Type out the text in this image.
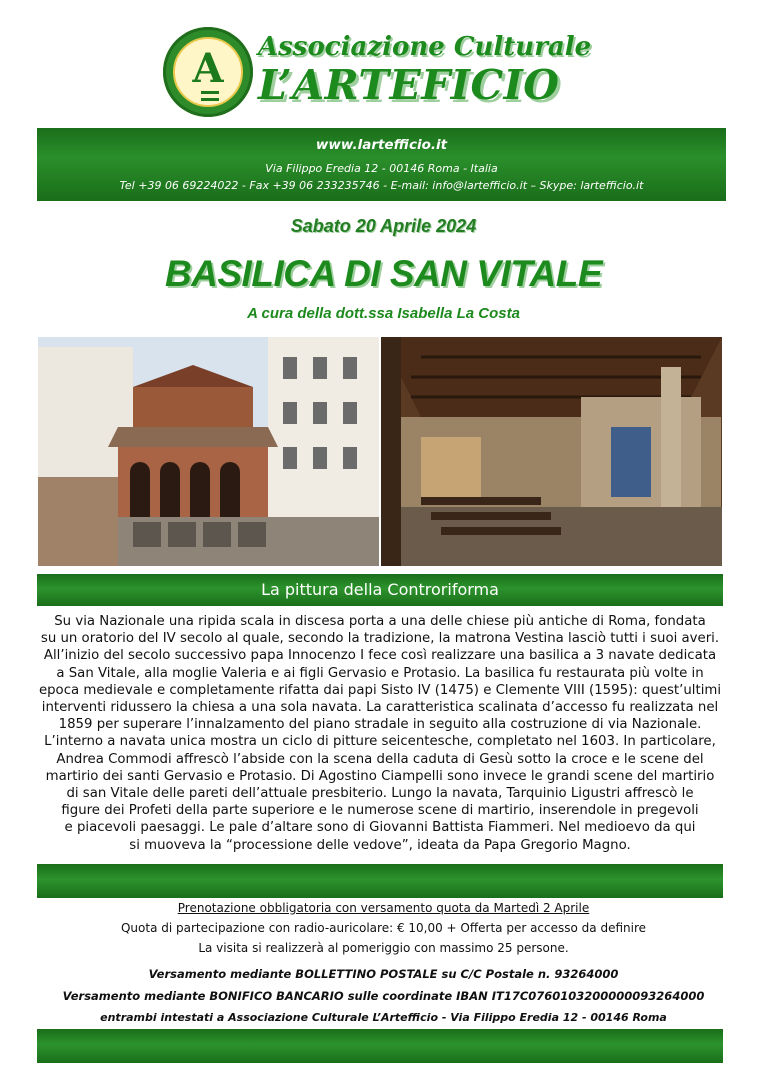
A	Associazione Culturale
L’ARTEFICIO
www.lartefficio.it
Via Filippo Eredia 12 - 00146 Roma - Italia
Tel +39 06 69224022 - Fax +39 06 233235746 - E-mail: info@lartefficio.it – Skype: lartefficio.it
Sabato 20 Aprile 2024
BASILICA DI SAN VITALE
A cura della dott.ssa Isabella La Costa
La pittura della Controriforma
Su via Nazionale una ripida scala in discesa porta a una delle chiese più antiche di Roma, fondata
su un oratorio del IV secolo al quale, secondo la tradizione, la matrona Vestina lasciò tutti i suoi averi.
All’inizio del secolo successivo papa Innocenzo I fece così realizzare una basilica a 3 navate dedicata
a San Vitale, alla moglie Valeria e ai figli Gervasio e Protasio. La basilica fu restaurata più volte in
epoca medievale e completamente rifatta dai papi Sisto IV (1475) e Clemente VIII (1595): quest’ultimi
interventi ridussero la chiesa a una sola navata. La caratteristica scalinata d’accesso fu realizzata nel
1859 per superare l’innalzamento del piano stradale in seguito alla costruzione di via Nazionale.
L’interno a navata unica mostra un ciclo di pitture seicentesche, completato nel 1603. In particolare,
Andrea Commodi affrescò l’abside con la scena della caduta di Gesù sotto la croce e le scene del
martirio dei santi Gervasio e Protasio. Di Agostino Ciampelli sono invece le grandi scene del martirio
di san Vitale delle pareti dell’attuale presbiterio. Lungo la navata, Tarquinio Ligustri affrescò le
figure dei Profeti della parte superiore e le numerose scene di martirio, inserendole in pregevoli
e piacevoli paesaggi. Le pale d’altare sono di Giovanni Battista Fiammeri. Nel medioevo da qui
si muoveva la “processione delle vedove”, ideata da Papa Gregorio Magno.
Prenotazione obbligatoria con versamento quota da Martedì 2 Aprile
Quota di partecipazione con radio-auricolare: € 10,00 + Offerta per accesso da definire
La visita si realizzerà al pomeriggio con massimo 25 persone.
Versamento mediante BOLLETTINO POSTALE su C/C Postale n. 93264000
Versamento mediante BONIFICO BANCARIO sulle coordinate IBAN IT17C0760103200000093264000
entrambi intestati a Associazione Culturale L’Artefficio - Via Filippo Eredia 12 - 00146 Roma
